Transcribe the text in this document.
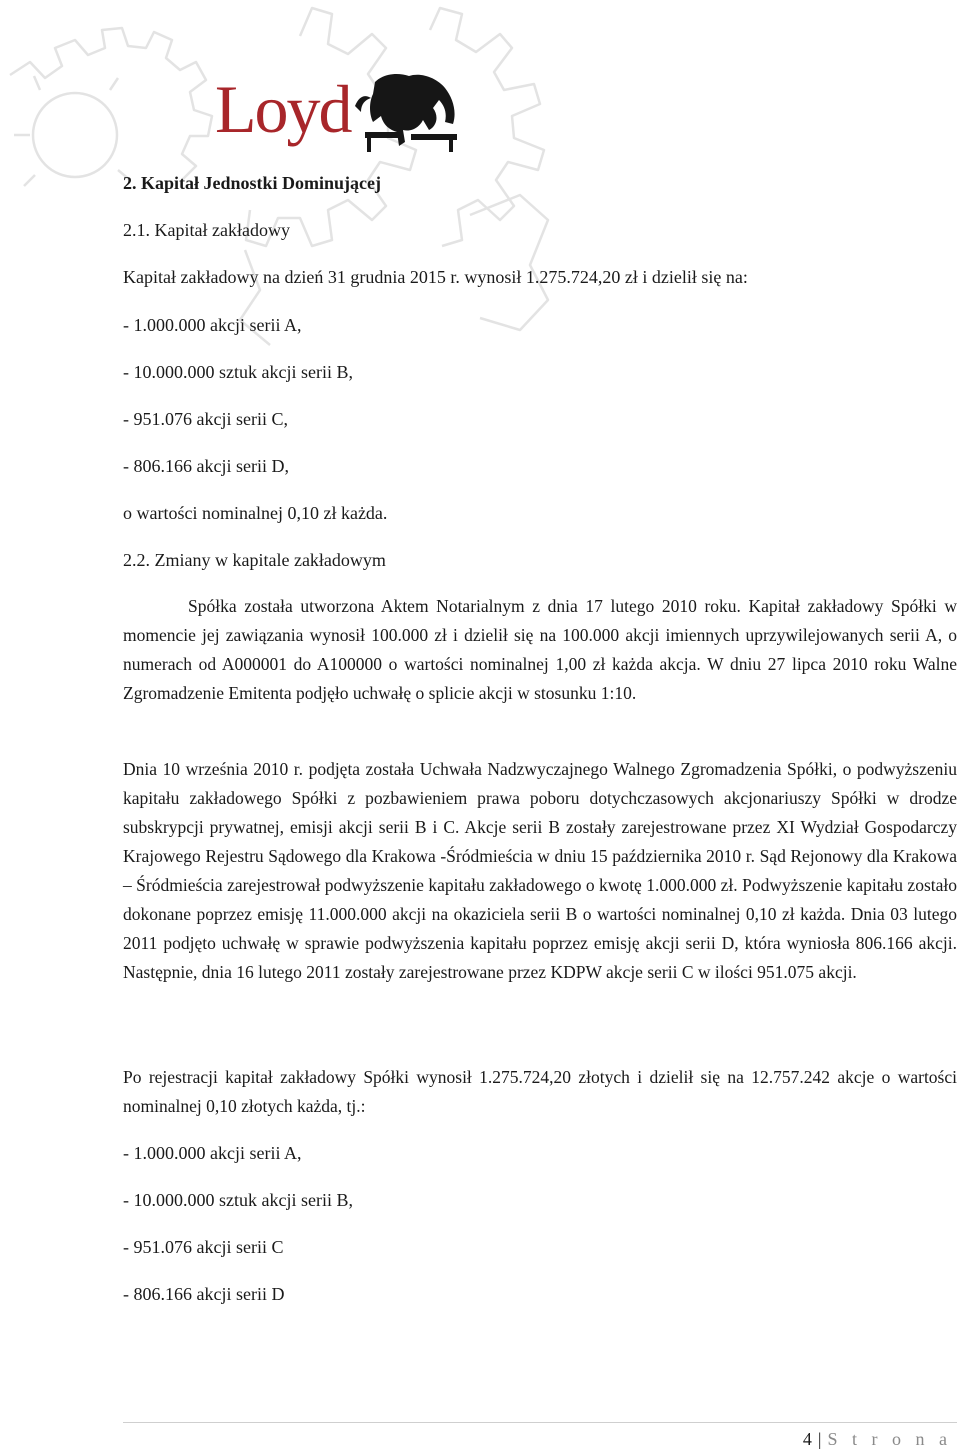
Loyd
2. Kapitał Jednostki Dominującej
2.1. Kapitał zakładowy
Kapitał zakładowy na dzień 31 grudnia 2015 r. wynosił 1.275.724,20 zł i dzielił się na:
- 1.000.000 akcji serii A,
- 10.000.000 sztuk akcji serii B,
- 951.076 akcji serii C,
- 806.166 akcji serii D,
o wartości nominalnej 0,10 zł każda.
2.2. Zmiany w kapitale zakładowym

Spółka została utworzona Aktem Notarialnym z dnia 17 lutego 2010 roku. Kapitał zakładowy Spółki w momencie jej zawiązania wynosił 100.000 zł i dzielił się na 100.000 akcji imiennych uprzywilejowanych serii A, o numerach od A000001 do A100000 o wartości nominalnej 1,00 zł każda akcja. W dniu 27 lipca 2010 roku Walne Zgromadzenie Emitenta podjęło uchwałę o splicie akcji w stosunku 1:10.

Dnia 10 września 2010 r. podjęta została Uchwała Nadzwyczajnego Walnego Zgromadzenia Spółki, o podwyższeniu kapitału zakładowego Spółki z pozbawieniem prawa poboru dotychczasowych akcjonariuszy Spółki w drodze subskrypcji prywatnej, emisji akcji serii B i C. Akcje serii B zostały zarejestrowane przez XI Wydział Gospodarczy Krajowego Rejestru Sądowego dla Krakowa -Śródmieścia w dniu 15 października 2010 r. Sąd Rejonowy dla Krakowa – Śródmieścia zarejestrował podwyższenie kapitału zakładowego o kwotę 1.000.000 zł. Podwyższenie kapitału zostało dokonane poprzez emisję 11.000.000 akcji na okaziciela serii B o wartości nominalnej 0,10 zł każda. Dnia 03 lutego 2011 podjęto uchwałę w sprawie podwyższenia kapitału poprzez emisję akcji serii D, która wyniosła 806.166 akcji. Następnie, dnia 16 lutego 2011 zostały zarejestrowane przez KDPW akcje serii C w ilości 951.075 akcji.

Po rejestracji kapitał zakładowy Spółki wynosił 1.275.724,20 złotych i dzielił się na 12.757.242 akcje o wartości nominalnej 0,10 złotych każda, tj.:

- 1.000.000 akcji serii A,
- 10.000.000 sztuk akcji serii B,
- 951.076 akcji serii C
- 806.166 akcji serii D
4 | S t r o n a
